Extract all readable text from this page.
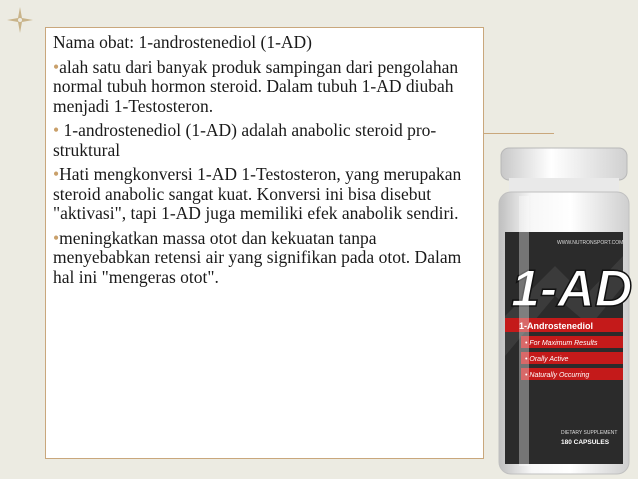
Nama obat: 1-androstenediol (1-AD)

•alah satu dari banyak produk sampingan dari pengolahan normal tubuh hormon steroid. Dalam tubuh 1-AD diubah menjadi 1-Testosteron.

• 1-androstenediol (1-AD) adalah anabolic steroid pro-struktural

•Hati mengkonversi 1-AD 1-Testosteron, yang merupakan steroid anabolic sangat kuat. Konversi ini bisa disebut "aktivasi", tapi 1-AD juga memiliki efek anabolik sendiri.

•meningkatkan massa otot dan kekuatan tanpa menyebabkan retensi air yang signifikan pada otot. Dalam hal ini "mengeras otot".

WWW.NUTRONSPORT.COM
1-AD
1-Androstenediol
• For Maximum Results
• Orally Active
• Naturally Occurring
DIETARY SUPPLEMENT
180 CAPSULES
